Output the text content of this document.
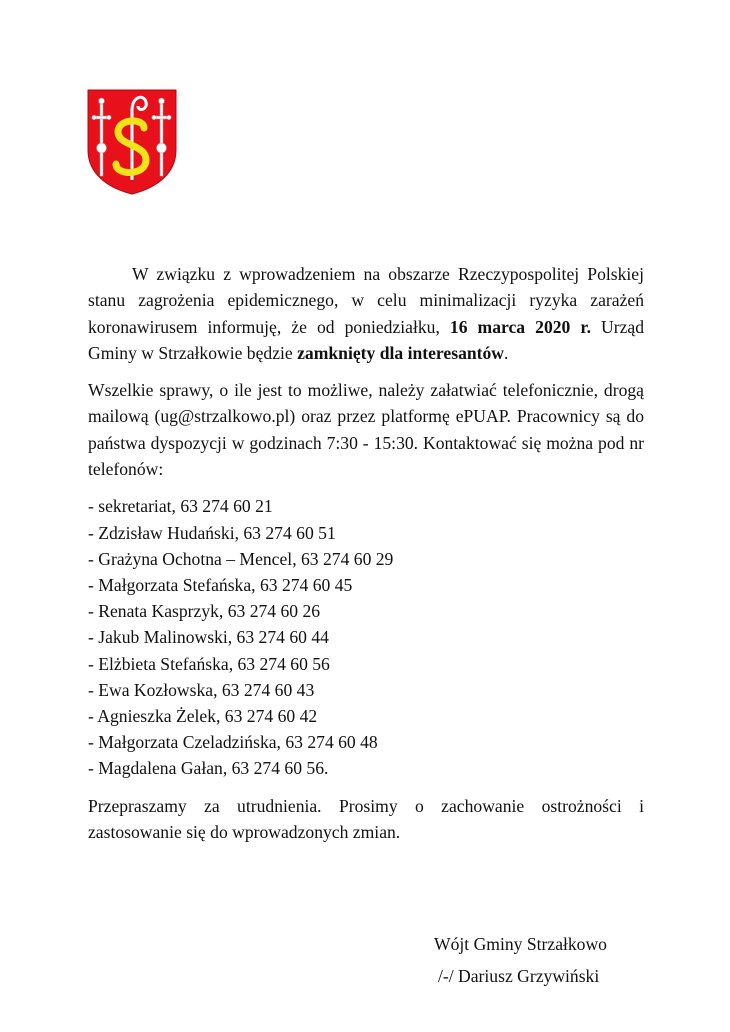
W związku z wprowadzeniem na obszarze Rzeczypospolitej Polskiej stanu zagrożenia epidemicznego, w celu minimalizacji ryzyka zarażeń koronawirusem informuję, że od poniedziałku, 16 marca 2020 r. Urząd Gminy w Strzałkowie będzie zamknięty dla interesantów.

Wszelkie sprawy, o ile jest to możliwe, należy załatwiać telefonicznie, drogą mailową (ug@strzalkowo.pl) oraz przez platformę ePUAP. Pracownicy są do państwa dyspozycji w godzinach 7:30 - 15:30. Kontaktować się można pod nr telefonów:

- sekretariat, 63 274 60 21
- Zdzisław Hudański, 63 274 60 51
- Grażyna Ochotna – Mencel, 63 274 60 29
- Małgorzata Stefańska, 63 274 60 45
- Renata Kasprzyk, 63 274 60 26
- Jakub Malinowski, 63 274 60 44
- Elżbieta Stefańska, 63 274 60 56
- Ewa Kozłowska, 63 274 60 43
- Agnieszka Żelek, 63 274 60 42
- Małgorzata Czeladzińska, 63 274 60 48
- Magdalena Gałan, 63 274 60 56.

Przepraszamy za utrudnienia. Prosimy o zachowanie ostrożności i zastosowanie się do wprowadzonych zmian.

Wójt Gminy Strzałkowo
/-/ Dariusz Grzywiński
